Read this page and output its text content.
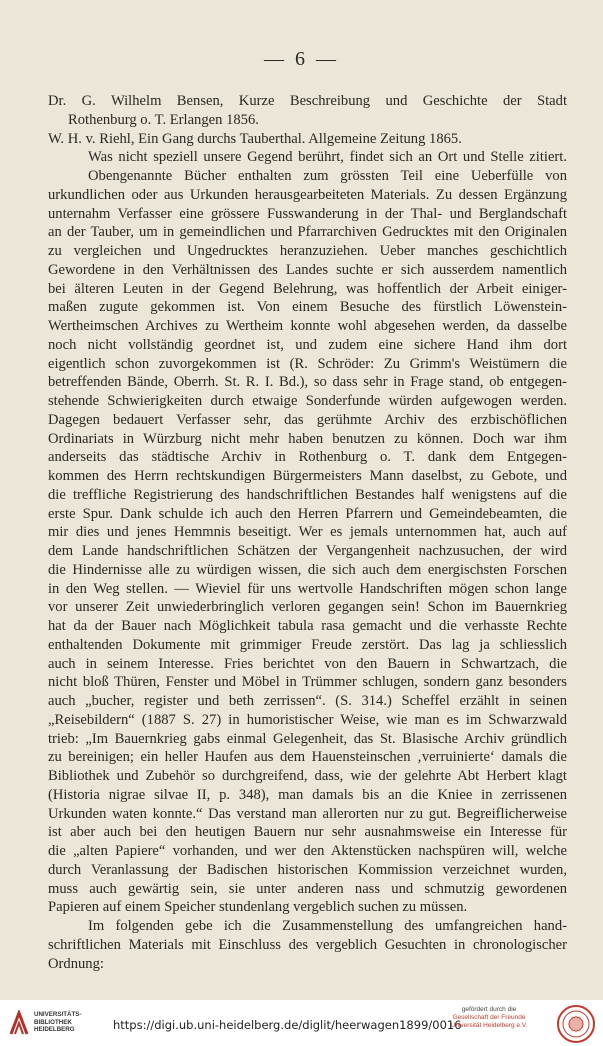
— 6 —
Dr. G. Wilhelm Bensen, Kurze Beschreibung und Geschichte der Stadt
Rothenburg o. T. Erlangen 1856.
W. H. v. Riehl, Ein Gang durchs Tauberthal. Allgemeine Zeitung 1865.
Was nicht speziell unsere Gegend berührt, findet sich an Ort und Stelle zitiert.
Obengenannte Bücher enthalten zum grössten Teil eine Ueberfülle von
urkundlichen oder aus Urkunden herausgearbeiteten Materials. Zu dessen Ergänzung
unternahm Verfasser eine grössere Fusswanderung in der Thal- und Berglandschaft
an der Tauber, um in gemeindlichen und Pfarrarchiven Gedrucktes mit den Originalen
zu vergleichen und Ungedrucktes heranzuziehen. Ueber manches geschichtlich
Gewordene in den Verhältnissen des Landes suchte er sich ausserdem namentlich
bei älteren Leuten in der Gegend Belehrung, was hoffentlich der Arbeit einiger-
maßen zugute gekommen ist. Von einem Besuche des fürstlich Löwenstein-
Wertheimschen Archives zu Wertheim konnte wohl abgesehen werden, da dasselbe
noch nicht vollständig geordnet ist, und zudem eine sichere Hand ihm dort
eigentlich schon zuvorgekommen ist (R. Schröder: Zu Grimm's Weistümern die
betreffenden Bände, Oberrh. St. R. I. Bd.), so dass sehr in Frage stand, ob entgegen-
stehende Schwierigkeiten durch etwaige Sonderfunde würden aufgewogen werden.
Dagegen bedauert Verfasser sehr, das gerühmte Archiv des erzbischöflichen
Ordinariats in Würzburg nicht mehr haben benutzen zu können. Doch war ihm
anderseits das städtische Archiv in Rothenburg o. T. dank dem Entgegen-
kommen des Herrn rechtskundigen Bürgermeisters Mann daselbst, zu Gebote, und
die treffliche Registrierung des handschriftlichen Bestandes half wenigstens auf die
erste Spur. Dank schulde ich auch den Herren Pfarrern und Gemeindebeamten, die
mir dies und jenes Hemmnis beseitigt. Wer es jemals unternommen hat, auch auf
dem Lande handschriftlichen Schätzen der Vergangenheit nachzusuchen, der wird
die Hindernisse alle zu würdigen wissen, die sich auch dem energischsten Forschen
in den Weg stellen. — Wieviel für uns wertvolle Handschriften mögen schon lange
vor unserer Zeit unwiederbringlich verloren gegangen sein! Schon im Bauernkrieg
hat da der Bauer nach Möglichkeit tabula rasa gemacht und die verhasste Rechte
enthaltenden Dokumente mit grimmiger Freude zerstört. Das lag ja schliesslich
auch in seinem Interesse. Fries berichtet von den Bauern in Schwartzach, die
nicht bloß Thüren, Fenster und Möbel in Trümmer schlugen, sondern ganz besonders
auch „bucher, register und beth zerrissen“. (S. 314.) Scheffel erzählt in seinen
„Reisebildern“ (1887 S. 27) in humoristischer Weise, wie man es im Schwarzwald
trieb: „Im Bauernkrieg gabs einmal Gelegenheit, das St. Blasische Archiv gründlich
zu bereinigen; ein heller Haufen aus dem Hauensteinschen ‚verruinierte‘ damals die
Bibliothek und Zubehör so durchgreifend, dass, wie der gelehrte Abt Herbert klagt
(Historia nigrae silvae II, p. 348), man damals bis an die Kniee in zerrissenen
Urkunden waten konnte.“ Das verstand man allerorten nur zu gut. Begreiflicherweise
ist aber auch bei den heutigen Bauern nur sehr ausnahmsweise ein Interesse für
die „alten Papiere“ vorhanden, und wer den Aktenstücken nachspüren will, welche
durch Veranlassung der Badischen historischen Kommission verzeichnet wurden,
muss auch gewärtig sein, sie unter anderen nass und schmutzig gewordenen
Papieren auf einem Speicher stundenlang vergeblich suchen zu müssen.
Im folgenden gebe ich die Zusammenstellung des umfangreichen hand-
schriftlichen Materials mit Einschluss des vergeblich Gesuchten in chronologischer
Ordnung:
UNIVERSITÄTS-
BIBLIOTHEK
HEIDELBERG	https://digi.ub.uni-heidelberg.de/diglit/heerwagen1899/0016
gefördert durch die
Gesellschaft der Freunde
Universität Heidelberg e.V.
